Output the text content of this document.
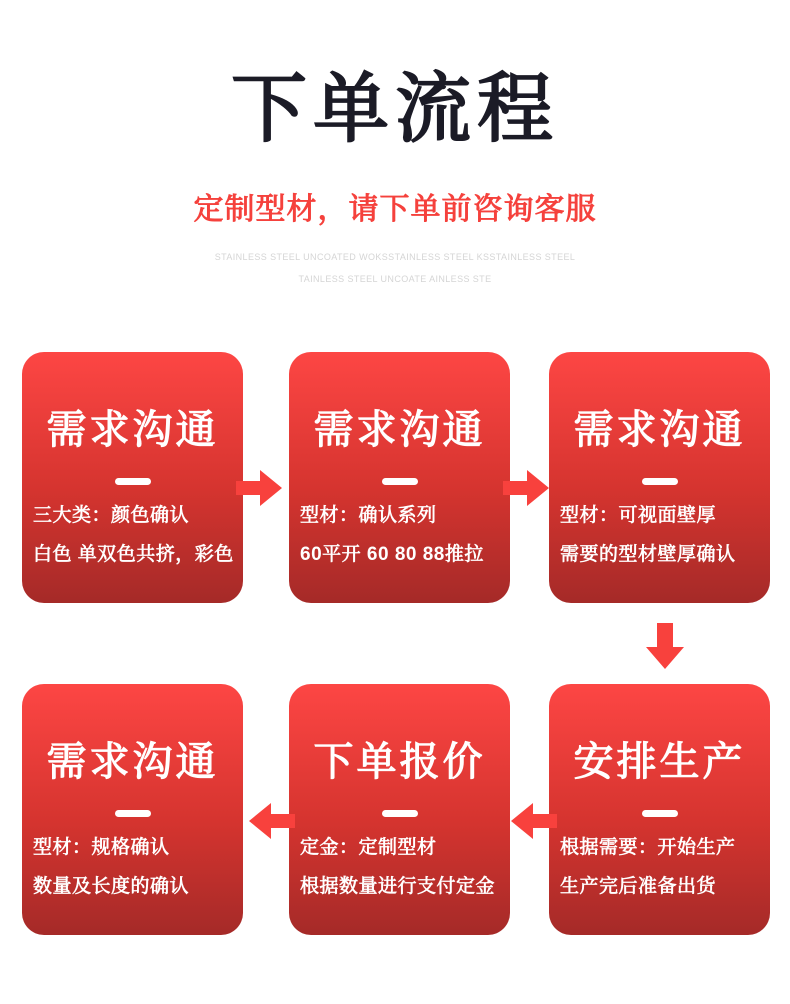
下单流程
定制型材，请下单前咨询客服
STAINLESS STEEL UNCOATED WOKSSTAINLESS STEEL KSSTAINLESS STEEL
TAINLESS STEEL UNCOATE AINLESS STE
需求沟通
三大类：颜色确认
白色 单双色共挤，彩色
需求沟通
型材：确认系列
60平开 60 80 88推拉
需求沟通
型材：可视面壁厚
需要的型材壁厚确认
需求沟通
型材：规格确认
数量及长度的确认
下单报价
定金：定制型材
根据数量进行支付定金
安排生产
根据需要：开始生产
生产完后准备出货
